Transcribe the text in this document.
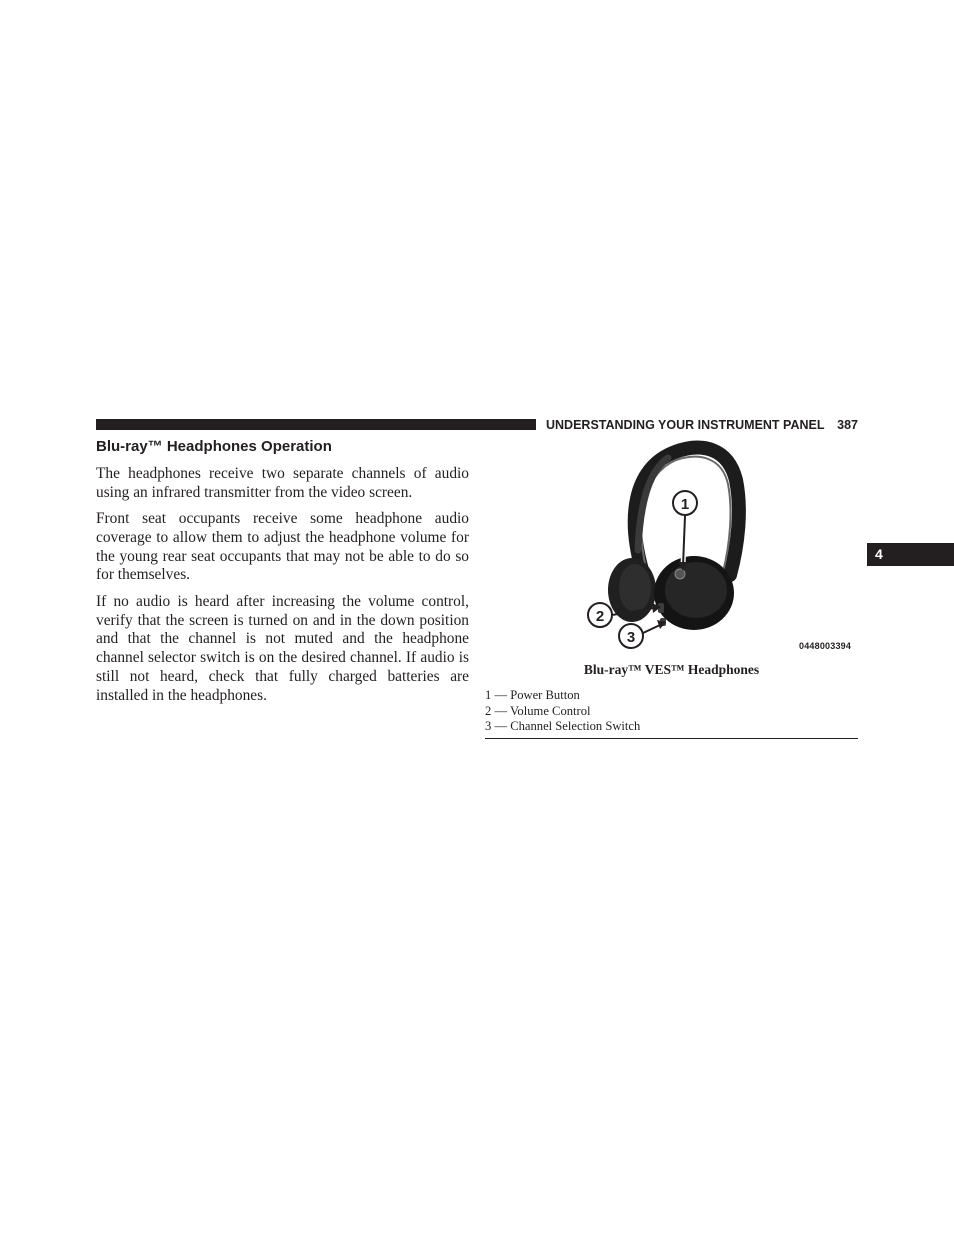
UNDERSTANDING YOUR INSTRUMENT PANEL 387
Blu-ray™ Headphones Operation

The headphones receive two separate channels of audio using an infrared transmitter from the video screen.

Front seat occupants receive some headphone audio coverage to allow them to adjust the headphone volume for the young rear seat occupants that may not be able to do so for themselves.

If no audio is heard after increasing the volume control, verify that the screen is turned on and in the down position and that the channel is not muted and the headphone channel selector switch is on the desired channel. If audio is still not heard, check that fully charged batteries are installed in the headphones.

4
1
2
3	0448003394
Blu-ray™ VES™ Headphones
1 — Power Button
2 — Volume Control
3 — Channel Selection Switch
